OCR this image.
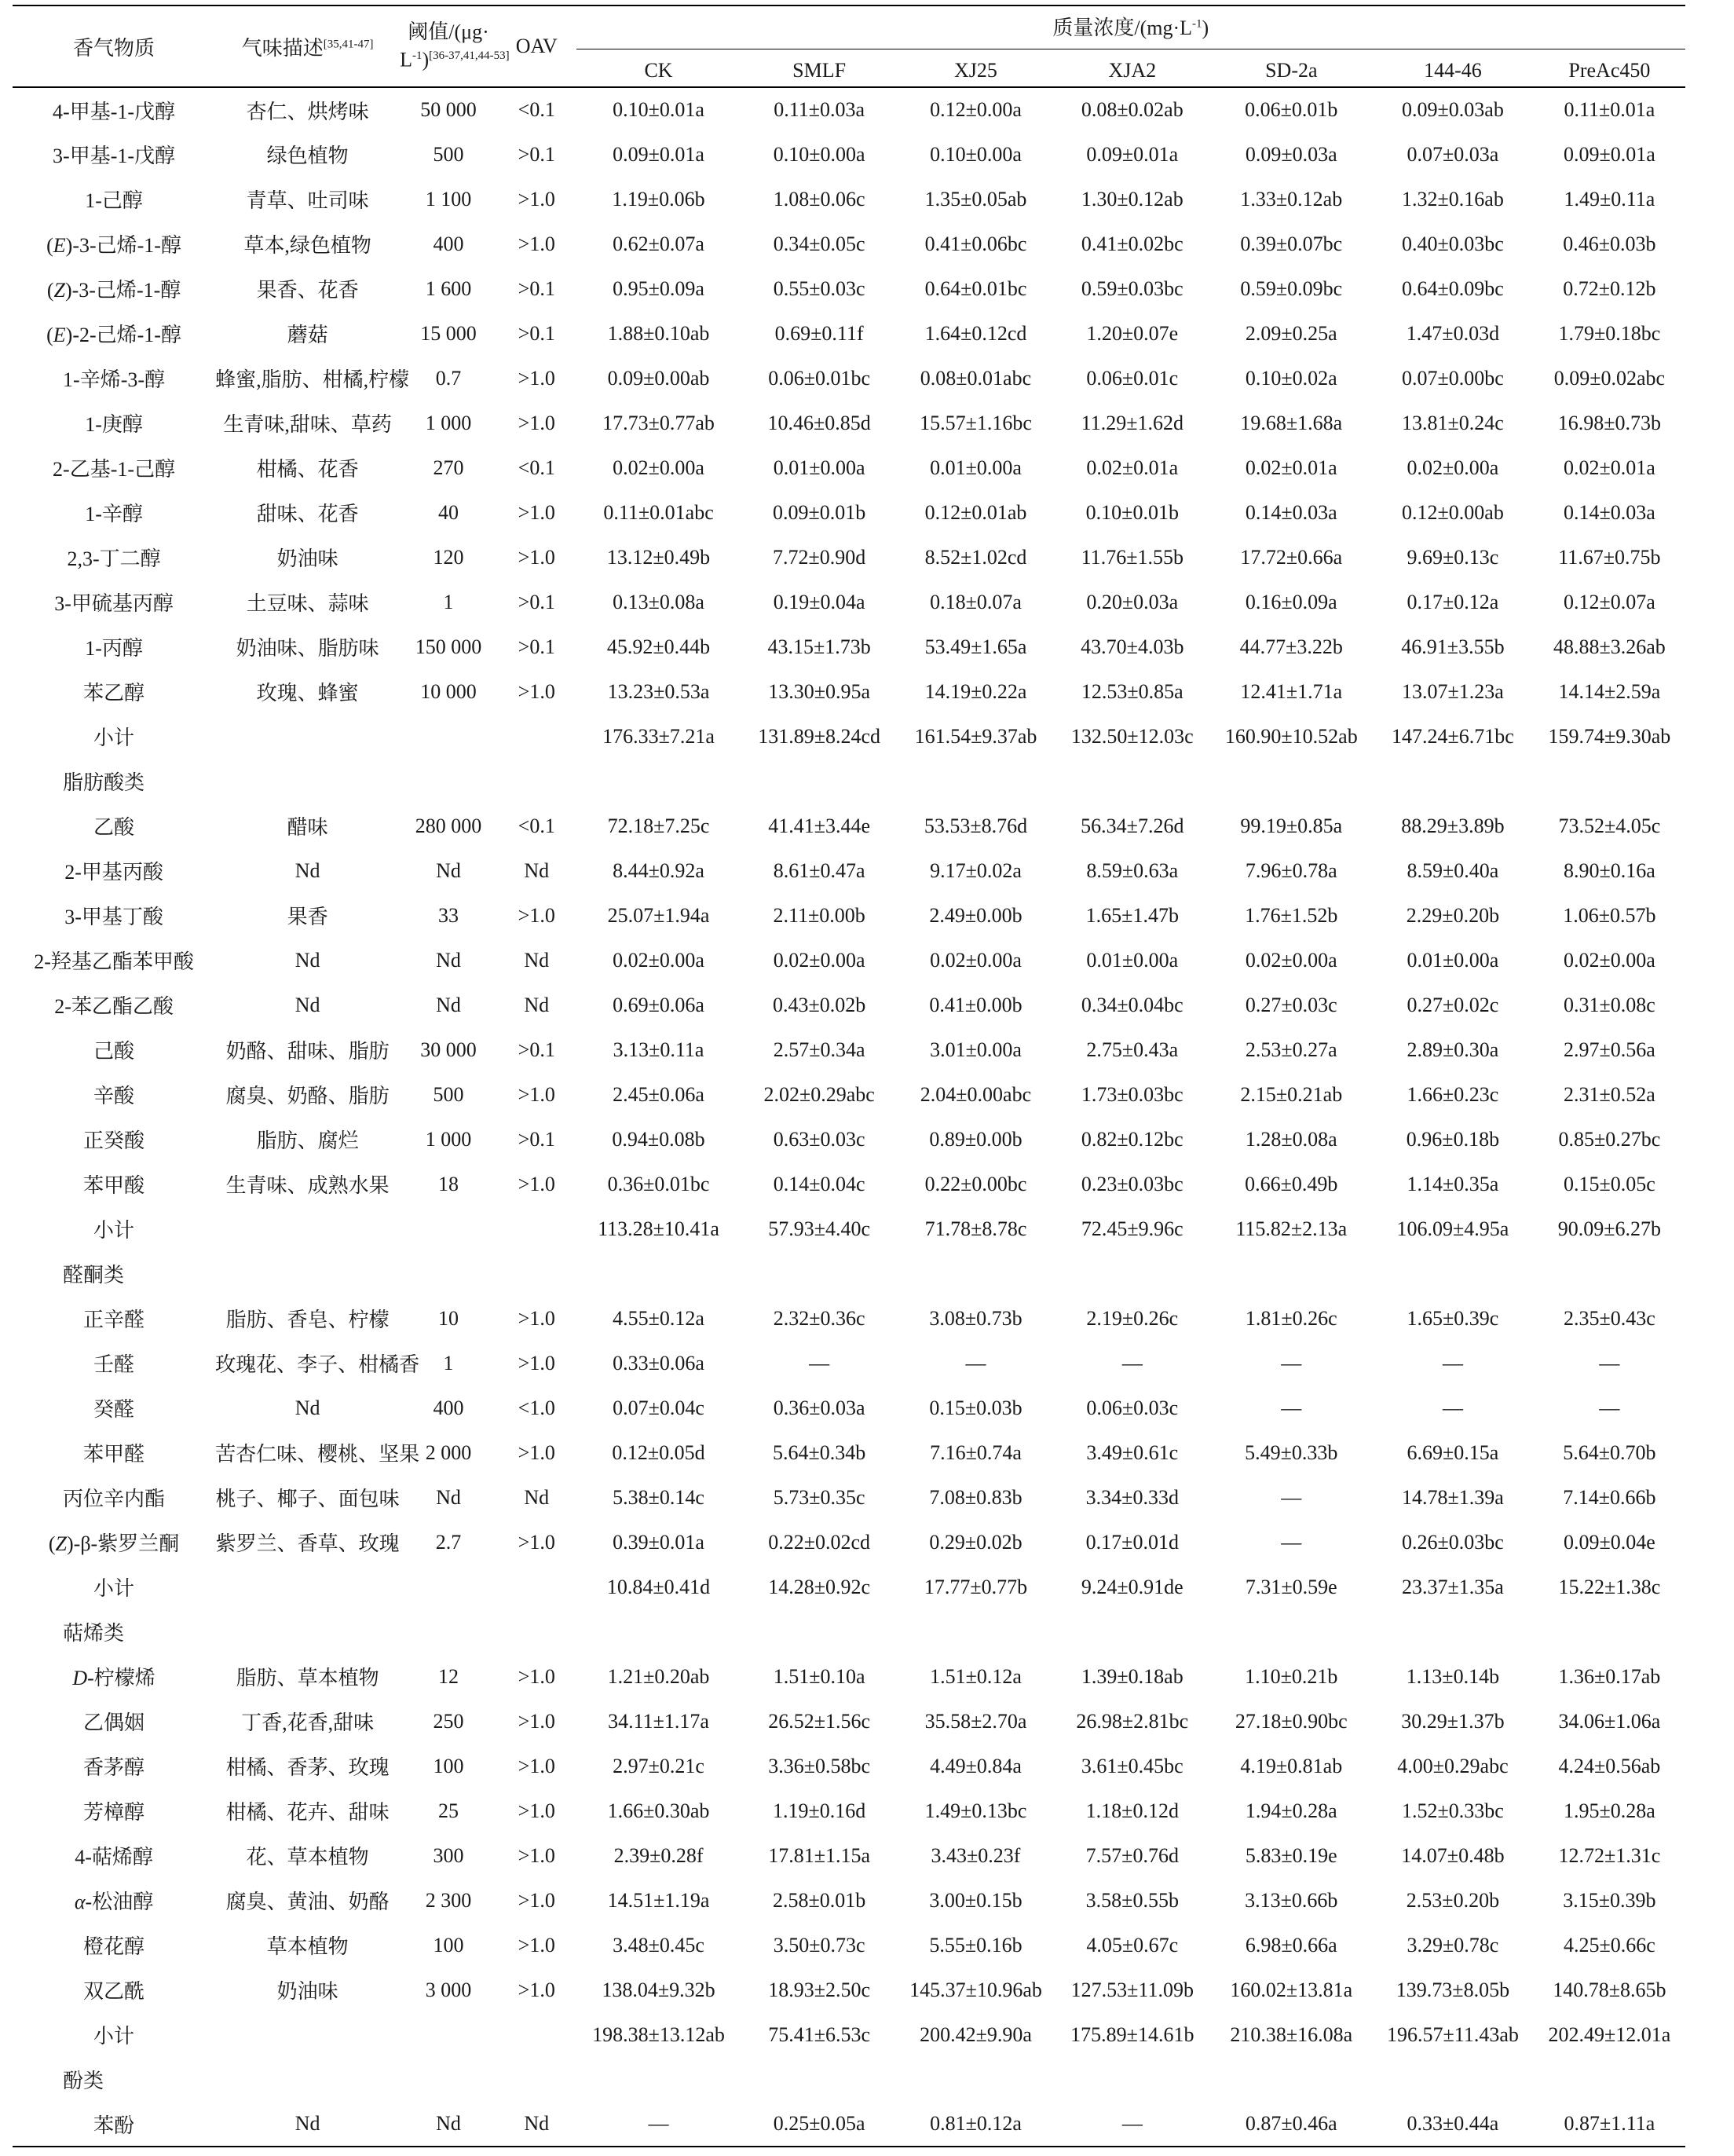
香气物质	气味描述[35,41-47]	阈值/(μg·
$L^{-1})[36-37,41,44-53]$	OAV	质量浓度$/(mg\cdot L^{-1})$						

				CK	SMLF	XJ25	XJA2	SD-2a	144-46	PreAc450
4-甲基-1-戊醇	杏仁、烘烤味	50 000	<0.1	0.10±0.01a	0.11±0.03a	0.12±0.00a	0.08±0.02ab	0.06±0.01b	0.09±0.03ab	0.11±0.01a
3-甲基-1-戊醇	绿色植物	500	>0.1	0.09±0.01a	0.10±0.00a	0.10±0.00a	0.09±0.01a	0.09±0.03a	0.07±0.03a	0.09±0.01a
1-己醇	青草、吐司味	1 100	>1.0	1.19±0.06b	1.08±0.06c	1.35±0.05ab	1.30±0.12ab	1.33±0.12ab	1.32±0.16ab	1.49±0.11a
(E)-3-己烯-1-醇	草本,绿色植物	400	>1.0	0.62±0.07a	0.34±0.05c	0.41±0.06bc	0.41±0.02bc	0.39±0.07bc	0.40±0.03bc	0.46±0.03b
(Z)-3-己烯-1-醇	果香、花香	1 600	>0.1	0.95±0.09a	0.55±0.03c	0.64±0.01bc	0.59±0.03bc	0.59±0.09bc	0.64±0.09bc	0.72±0.12b
(E)-2-己烯-1-醇	蘑菇	15 000	>0.1	1.88±0.10ab	0.69±0.11f	1.64±0.12cd	1.20±0.07e	2.09±0.25a	1.47±0.03d	1.79±0.18bc
1-辛烯-3-醇	蜂蜜,脂肪、柑橘,柠檬	0.7	>1.0	0.09±0.00ab	0.06±0.01bc	0.08±0.01abc	0.06±0.01c	0.10±0.02a	0.07±0.00bc	0.09±0.02abc
1-庚醇	生青味,甜味、草药	1 000	>1.0	17.73±0.77ab	10.46±0.85d	15.57±1.16bc	11.29±1.62d	19.68±1.68a	13.81±0.24c	16.98±0.73b
2-乙基-1-己醇	柑橘、花香	270	<0.1	0.02±0.00a	0.01±0.00a	0.01±0.00a	0.02±0.01a	0.02±0.01a	0.02±0.00a	0.02±0.01a
1-辛醇	甜味、花香	40	>1.0	0.11±0.01abc	0.09±0.01b	0.12±0.01ab	0.10±0.01b	0.14±0.03a	0.12±0.00ab	0.14±0.03a
2,3-丁二醇	奶油味	120	>1.0	13.12±0.49b	7.72±0.90d	8.52±1.02cd	11.76±1.55b	17.72±0.66a	9.69±0.13c	11.67±0.75b
3-甲硫基丙醇	土豆味、蒜味	1	>0.1	0.13±0.08a	0.19±0.04a	0.18±0.07a	0.20±0.03a	0.16±0.09a	0.17±0.12a	0.12±0.07a
1-丙醇	奶油味、脂肪味	150 000	>0.1	45.92±0.44b	43.15±1.73b	53.49±1.65a	43.70±4.03b	44.77±3.22b	46.91±3.55b	48.88±3.26ab
苯乙醇	玫瑰、蜂蜜	10 000	>1.0	13.23±0.53a	13.30±0.95a	14.19±0.22a	12.53±0.85a	12.41±1.71a	13.07±1.23a	14.14±2.59a
小计				176.33±7.21a	131.89±8.24cd	161.54±9.37ab	132.50±12.03c	160.90±10.52ab	147.24±6.71bc	159.74±9.30ab
脂肪酸类										
乙酸	醋味	280 000	<0.1	72.18±7.25c	41.41±3.44e	53.53±8.76d	56.34±7.26d	99.19±0.85a	88.29±3.89b	73.52±4.05c
2-甲基丙酸	Nd	Nd	Nd	8.44±0.92a	8.61±0.47a	9.17±0.02a	8.59±0.63a	7.96±0.78a	8.59±0.40a	8.90±0.16a
3-甲基丁酸	果香	33	>1.0	25.07±1.94a	2.11±0.00b	2.49±0.00b	1.65±1.47b	1.76±1.52b	2.29±0.20b	1.06±0.57b
2-羟基乙酯苯甲酸	Nd	Nd	Nd	0.02±0.00a	0.02±0.00a	0.02±0.00a	0.01±0.00a	0.02±0.00a	0.01±0.00a	0.02±0.00a
2-苯乙酯乙酸	Nd	Nd	Nd	0.69±0.06a	0.43±0.02b	0.41±0.00b	0.34±0.04bc	0.27±0.03c	0.27±0.02c	0.31±0.08c
己酸	奶酪、甜味、脂肪	30 000	>0.1	3.13±0.11a	2.57±0.34a	3.01±0.00a	2.75±0.43a	2.53±0.27a	2.89±0.30a	2.97±0.56a
辛酸	腐臭、奶酪、脂肪	500	>1.0	2.45±0.06a	2.02±0.29abc	2.04±0.00abc	1.73±0.03bc	2.15±0.21ab	1.66±0.23c	2.31±0.52a
正癸酸	脂肪、腐烂	1 000	>0.1	0.94±0.08b	0.63±0.03c	0.89±0.00b	0.82±0.12bc	1.28±0.08a	0.96±0.18b	0.85±0.27bc
苯甲酸	生青味、成熟水果	18	>1.0	0.36±0.01bc	0.14±0.04c	0.22±0.00bc	0.23±0.03bc	0.66±0.49b	1.14±0.35a	0.15±0.05c
小计				113.28±10.41a	57.93±4.40c	71.78±8.78c	72.45±9.96c	115.82±2.13a	106.09±4.95a	90.09±6.27b
醛酮类										
正辛醛	脂肪、香皂、柠檬	10	>1.0	4.55±0.12a	2.32±0.36c	3.08±0.73b	2.19±0.26c	1.81±0.26c	1.65±0.39c	2.35±0.43c
壬醛	玫瑰花、李子、柑橘香	1	>1.0	0.33±0.06a	—	—	—	—	—	—
癸醛	Nd	400	<1.0	0.07±0.04c	0.36±0.03a	0.15±0.03b	0.06±0.03c	—	—	—
苯甲醛	苦杏仁味、樱桃、坚果	2 000	>1.0	0.12±0.05d	5.64±0.34b	7.16±0.74a	3.49±0.61c	5.49±0.33b	6.69±0.15a	5.64±0.70b
丙位辛内酯	桃子、椰子、面包味	Nd	Nd	5.38±0.14c	5.73±0.35c	7.08±0.83b	3.34±0.33d	—	14.78±1.39a	7.14±0.66b
(Z)-β-紫罗兰酮	紫罗兰、香草、玫瑰	2.7	>1.0	0.39±0.01a	0.22±0.02cd	0.29±0.02b	0.17±0.01d	—	0.26±0.03bc	0.09±0.04e
小计				10.84±0.41d	14.28±0.92c	17.77±0.77b	9.24±0.91de	7.31±0.59e	23.37±1.35a	15.22±1.38c
萜烯类										
D-柠檬烯	脂肪、草本植物	12	>1.0	1.21±0.20ab	1.51±0.10a	1.51±0.12a	1.39±0.18ab	1.10±0.21b	1.13±0.14b	1.36±0.17ab
乙偶姻	丁香,花香,甜味	250	>1.0	34.11±1.17a	26.52±1.56c	35.58±2.70a	26.98±2.81bc	27.18±0.90bc	30.29±1.37b	34.06±1.06a
香茅醇	柑橘、香茅、玫瑰	100	>1.0	2.97±0.21c	3.36±0.58bc	4.49±0.84a	3.61±0.45bc	4.19±0.81ab	4.00±0.29abc	4.24±0.56ab
芳樟醇	柑橘、花卉、甜味	25	>1.0	1.66±0.30ab	1.19±0.16d	1.49±0.13bc	1.18±0.12d	1.94±0.28a	1.52±0.33bc	1.95±0.28a
4-萜烯醇	花、草本植物	300	>1.0	2.39±0.28f	17.81±1.15a	3.43±0.23f	7.57±0.76d	5.83±0.19e	14.07±0.48b	12.72±1.31c
α-松油醇	腐臭、黄油、奶酪	2 300	>1.0	14.51±1.19a	2.58±0.01b	3.00±0.15b	3.58±0.55b	3.13±0.66b	2.53±0.20b	3.15±0.39b
橙花醇	草本植物	100	>1.0	3.48±0.45c	3.50±0.73c	5.55±0.16b	4.05±0.67c	6.98±0.66a	3.29±0.78c	4.25±0.66c
双乙酰	奶油味	3 000	>1.0	138.04±9.32b	18.93±2.50c	145.37±10.96ab	127.53±11.09b	160.02±13.81a	139.73±8.05b	140.78±8.65b
小计				198.38±13.12ab	75.41±6.53c	200.42±9.90a	175.89±14.61b	210.38±16.08a	196.57±11.43ab	202.49±12.01a
酚类										
苯酚	Nd	Nd	Nd	—	0.25±0.05a	0.81±0.12a	—	0.87±0.46a	0.33±0.44a	0.87±1.11a
